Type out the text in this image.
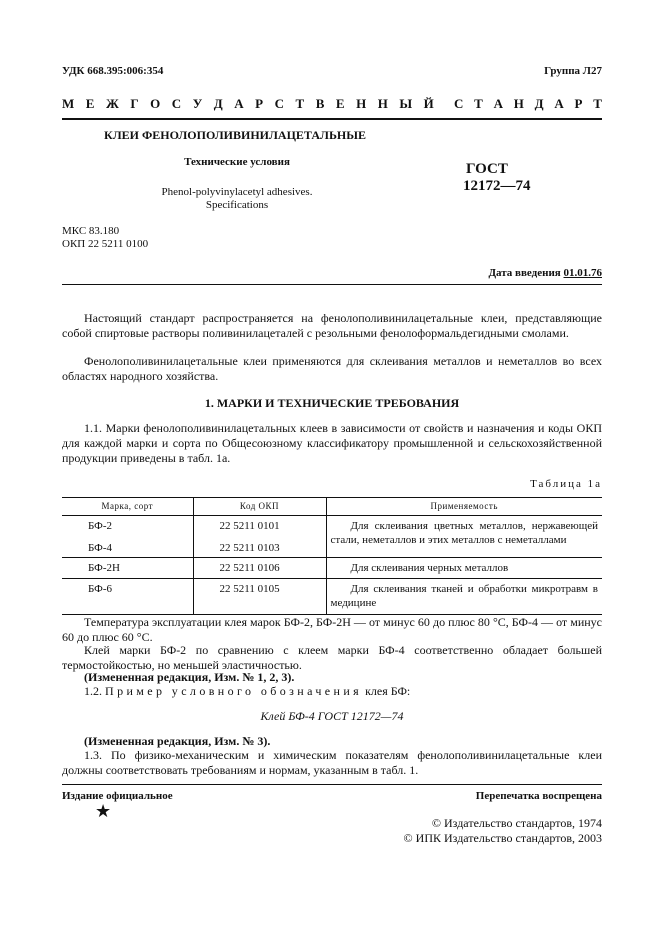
УДК 668.395:006:354	Группа Л27
М Е Ж Г О С У Д А Р С Т В Е Н Н Ы Й С Т А Н Д А Р Т
КЛЕИ ФЕНОЛОПОЛИВИНИЛАЦЕТАЛЬНЫЕ
Технические условия
Phenol-polyvinylacetyl adhesives.
Specifications
ГОСТ
12172—74
МКС 83.180
ОКП 22 5211 0100
Дата введения 01.01.76
Настоящий стандарт распространяется на фенолополивинилацетальные клеи, представляющие собой спиртовые растворы поливинилацеталей с резольными фенолоформальдегидными смолами.
Фенолополивинилацетальные клеи применяются для склеивания металлов и неметаллов во всех областях народного хозяйства.
1. МАРКИ И ТЕХНИЧЕСКИЕ ТРЕБОВАНИЯ
1.1. Марки фенолополивинилацетальных клеев в зависимости от свойств и назначения и коды ОКП для каждой марки и сорта по Общесоюзному классификатору промышленной и сельскохозяйственной продукции приведены в табл. 1а.
Таблица 1а
Марка, сорт	Код ОКП	Применяемость
БФ-2	22 5211 0101	Для склеивания цветных металлов, нержавеющей стали, неметаллов и этих металлов с неметаллами
БФ-4	22 5211 0103	
БФ-2Н	22 5211 0106	Для склеивания черных металлов
БФ-6	22 5211 0105	Для склеивания тканей и обработки микротравм в медицине
Температура эксплуатации клея марок БФ-2, БФ-2Н — от минус 60 до плюс 80 °С, БФ-4 — от минус 60 до плюс 60 °С.
Клей марки БФ-2 по сравнению с клеем марки БФ-4 соответственно обладает большей термостойкостью, но меньшей эластичностью.
(Измененная редакция, Изм. № 1, 2, 3).
1.2. Пример условного обозначения клея БФ:
Клей БФ-4 ГОСТ 12172—74
(Измененная редакция, Изм. № 3).
1.3. По физико-механическим и химическим показателям фенолополивинилацетальные клеи должны соответствовать требованиям и нормам, указанным в табл. 1.
Издание официальное	Перепечатка воспрещена
★
© Издательство стандартов, 1974
© ИПК Издательство стандартов, 2003
